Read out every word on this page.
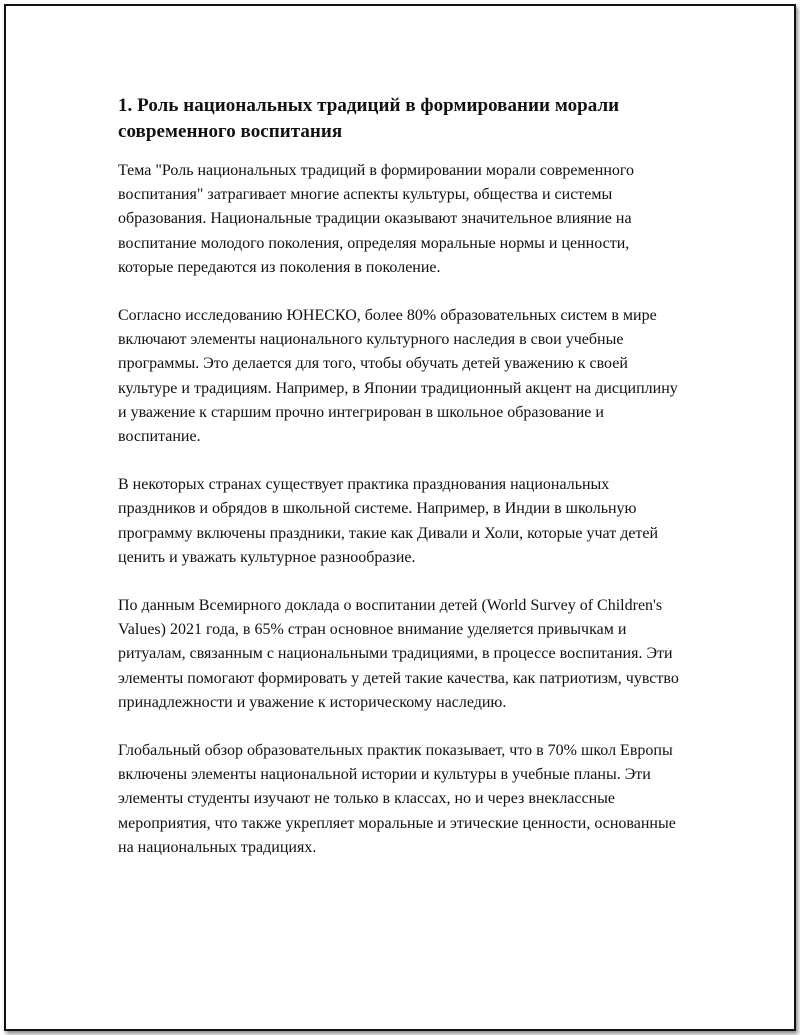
1. Роль национальных традиций в формировании морали современного воспитания

Тема "Роль национальных традиций в формировании морали современного воспитания" затрагивает многие аспекты культуры, общества и системы образования. Национальные традиции оказывают значительное влияние на воспитание молодого поколения, определяя моральные нормы и ценности, которые передаются из поколения в поколение.

Согласно исследованию ЮНЕСКО, более 80% образовательных систем в мире включают элементы национального культурного наследия в свои учебные программы. Это делается для того, чтобы обучать детей уважению к своей культуре и традициям. Например, в Японии традиционный акцент на дисциплину и уважение к старшим прочно интегрирован в школьное образование и воспитание.

В некоторых странах существует практика празднования национальных праздников и обрядов в школьной системе. Например, в Индии в школьную программу включены праздники, такие как Дивали и Холи, которые учат детей ценить и уважать культурное разнообразие.

По данным Всемирного доклада о воспитании детей (World Survey of Children's Values) 2021 года, в 65% стран основное внимание уделяется привычкам и ритуалам, связанным с национальными традициями, в процессе воспитания. Эти элементы помогают формировать у детей такие качества, как патриотизм, чувство принадлежности и уважение к историческому наследию.

Глобальный обзор образовательных практик показывает, что в 70% школ Европы включены элементы национальной истории и культуры в учебные планы. Эти элементы студенты изучают не только в классах, но и через внеклассные мероприятия, что также укрепляет моральные и этические ценности, основанные на национальных традициях.
